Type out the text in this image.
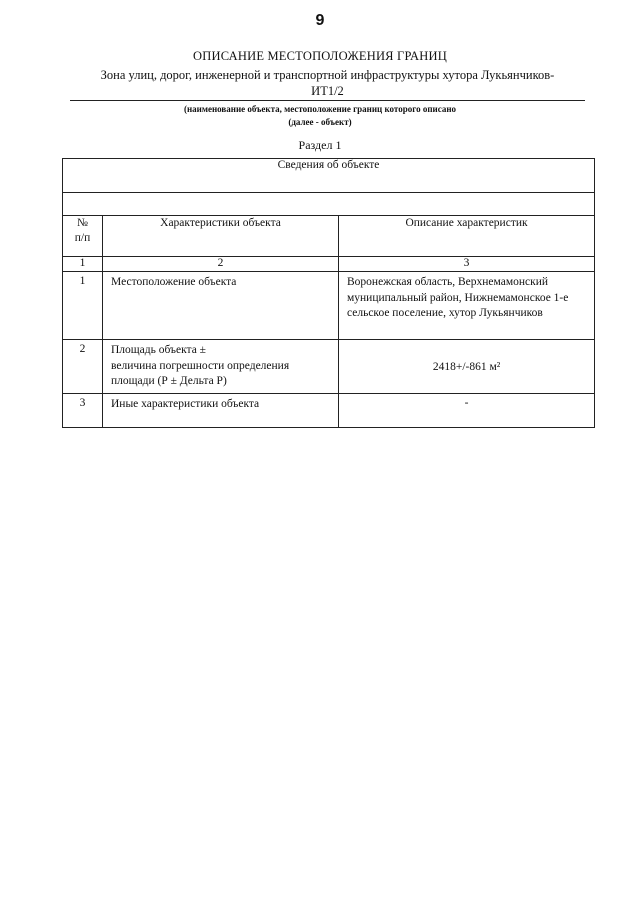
9
ОПИСАНИЕ МЕСТОПОЛОЖЕНИЯ ГРАНИЦ
Зона улиц, дорог, инженерной и транспортной инфраструктуры хутора Лукьянчиков-
ИТ1/2
(наименование объекта, местоположение границ которого описано
(далее - объект)
Раздел 1
Сведения об объекте		

№
п/п	Характеристики объекта	Описание характеристик
1	2	3
1	Местоположение объекта	Воронежская область, Верхнемамонский муниципальный район, Нижнемамонское 1-е сельское поселение, хутор Лукьянчиков
2	Площадь объекта ±
величина погрешности определения площади (Р ± Дельта Р)	2418+/-861 м²
3	Иные характеристики объекта	-
